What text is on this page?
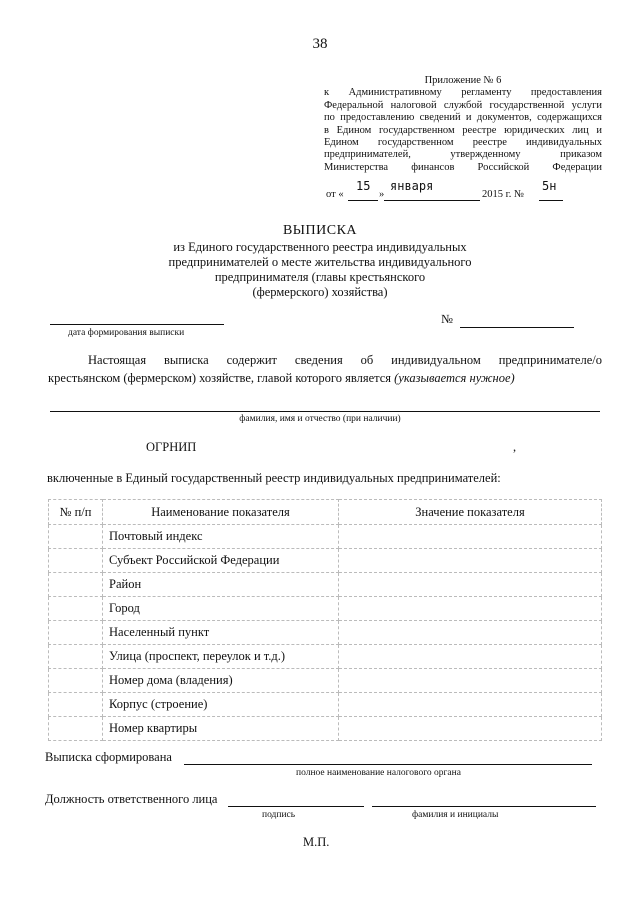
38
Приложение № 6
к Административному регламенту предоставления
Федеральной налоговой службой государственной услуги
по предоставлению сведений и документов, содержащихся
в Едином государственном реестре юридических лиц и
Едином государственном реестре индивидуальных
предпринимателей, утвержденному приказом
Министерства финансов Российской Федерации
от «
15
»
января
2015 г. №
5н
ВЫПИСКА
из Единого государственного реестра индивидуальных
предпринимателей о месте жительства индивидуального
предпринимателя (главы крестьянского
(фермерского) хозяйства)
дата формирования выписки
№
Настоящая выписка содержит сведения об индивидуальном предпринимателе/о
крестьянском (фермерском) хозяйстве, главой которого является (указывается нужное)
фамилия, имя и отчество (при наличии)
ОГРНИП	,
включенные в Единый государственный реестр индивидуальных предпринимателей:
№ п/п	Наименование показателя	Значение показателя
	Почтовый индекс	
	Субъект Российской Федерации	
	Район	
	Город	
	Населенный пункт	
	Улица (проспект, переулок и т.д.)	
	Номер дома (владения)	
	Корпус (строение)	
	Номер квартиры	
Выписка сформирована
полное наименование налогового органа
Должность ответственного лица
подпись	фамилия и инициалы
М.П.
